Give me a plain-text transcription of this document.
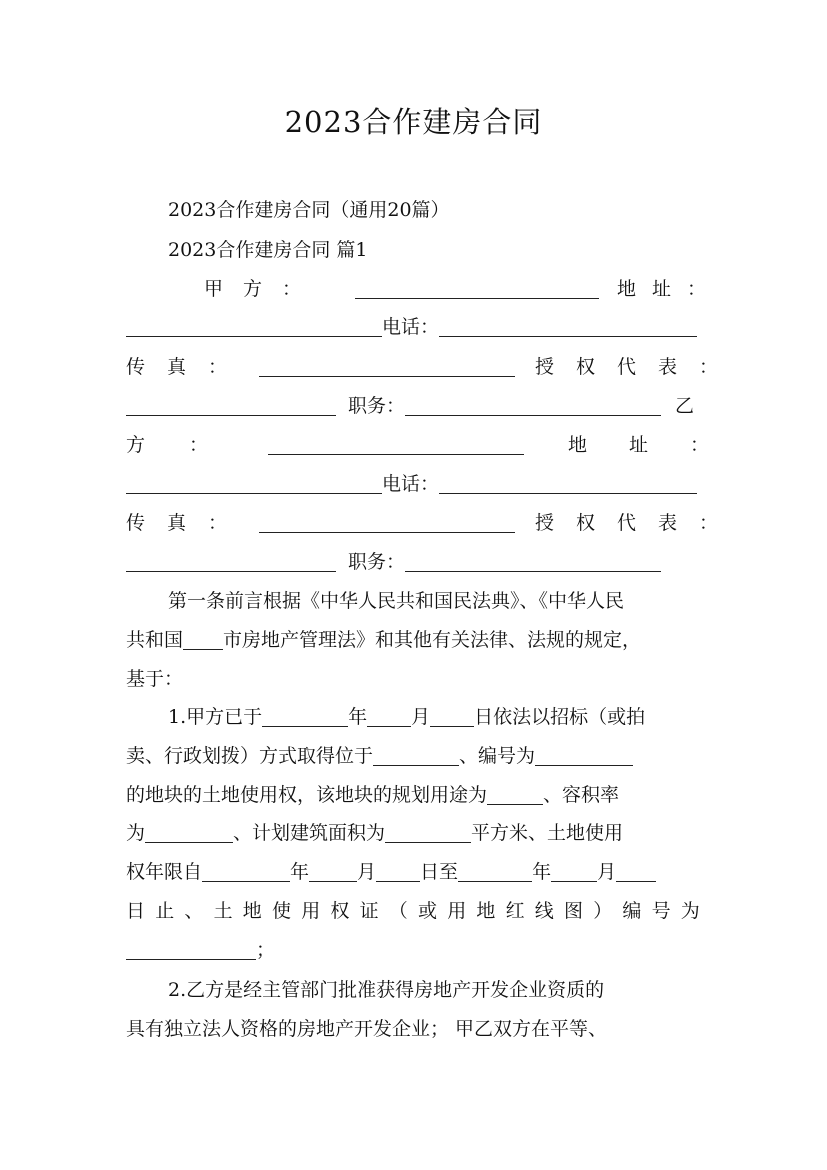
2023合作建房合同
2023合作建房合同（通用20篇）
2023合作建房合同 篇1
甲方：	地址：
电话：
传真：	授权代表：
职务：	乙
方：	地址：
电话：
传真：	授权代表：
职务：
第一条前言根据《中华人民共和国民法典》、《中华人民
共和国 市房地产管理法》和其他有关法律、法规的规定，
基于：
1.甲方已于	年 月 日依法以招标（或拍
卖、行政划拨）方式取得位于	、编号为
的地块的土地使用权，该地块的规划用途为	、容积率
为	、计划建筑面积为	平方米、土地使用
权年限自	年	月 日至	年 月
日止、土地使用权证（或用地红线图）编号为
；
2.乙方是经主管部门批准获得房地产开发企业资质的
具有独立法人资格的房地产开发企业； 甲乙双方在平等、
